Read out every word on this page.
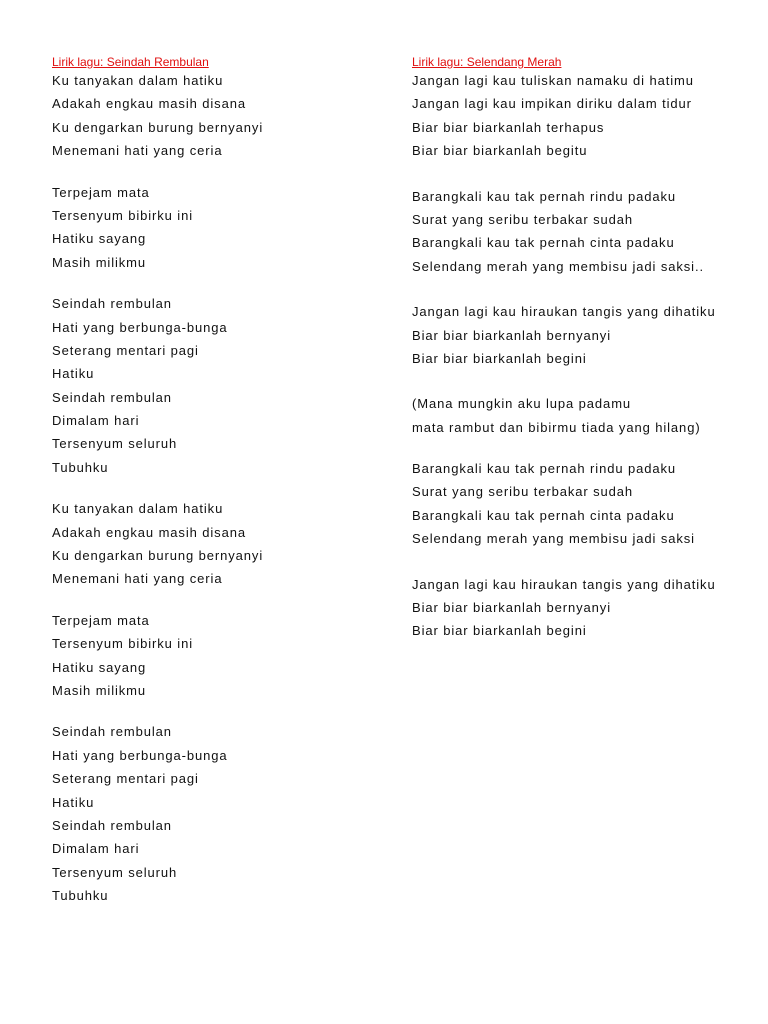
Lirik lagu: Seindah Rembulan
Ku tanyakan dalam hatiku
Adakah engkau masih disana
Ku dengarkan burung bernyanyi
Menemani hati yang ceria
Terpejam mata
Tersenyum bibirku ini
Hatiku sayang
Masih milikmu
Seindah rembulan
Hati yang berbunga-bunga
Seterang mentari pagi
Hatiku
Seindah rembulan
Dimalam hari
Tersenyum seluruh
Tubuhku
Ku tanyakan dalam hatiku
Adakah engkau masih disana
Ku dengarkan burung bernyanyi
Menemani hati yang ceria
Terpejam mata
Tersenyum bibirku ini
Hatiku sayang
Masih milikmu
Seindah rembulan
Hati yang berbunga-bunga
Seterang mentari pagi
Hatiku
Seindah rembulan
Dimalam hari
Tersenyum seluruh
Tubuhku
Lirik lagu: Selendang Merah
Jangan lagi kau tuliskan namaku di hatimu
Jangan lagi kau impikan diriku dalam tidur
Biar biar biarkanlah terhapus
Biar biar biarkanlah begitu
Barangkali kau tak pernah rindu padaku
Surat yang seribu terbakar sudah
Barangkali kau tak pernah cinta padaku
Selendang merah yang membisu jadi saksi..
Jangan lagi kau hiraukan tangis yang dihatiku
Biar biar biarkanlah bernyanyi
Biar biar biarkanlah begini
(Mana mungkin aku lupa padamu
mata rambut dan bibirmu tiada yang hilang)
Barangkali kau tak pernah rindu padaku
Surat yang seribu terbakar sudah
Barangkali kau tak pernah cinta padaku
Selendang merah yang membisu jadi saksi
Jangan lagi kau hiraukan tangis yang dihatiku
Biar biar biarkanlah bernyanyi
Biar biar biarkanlah begini
